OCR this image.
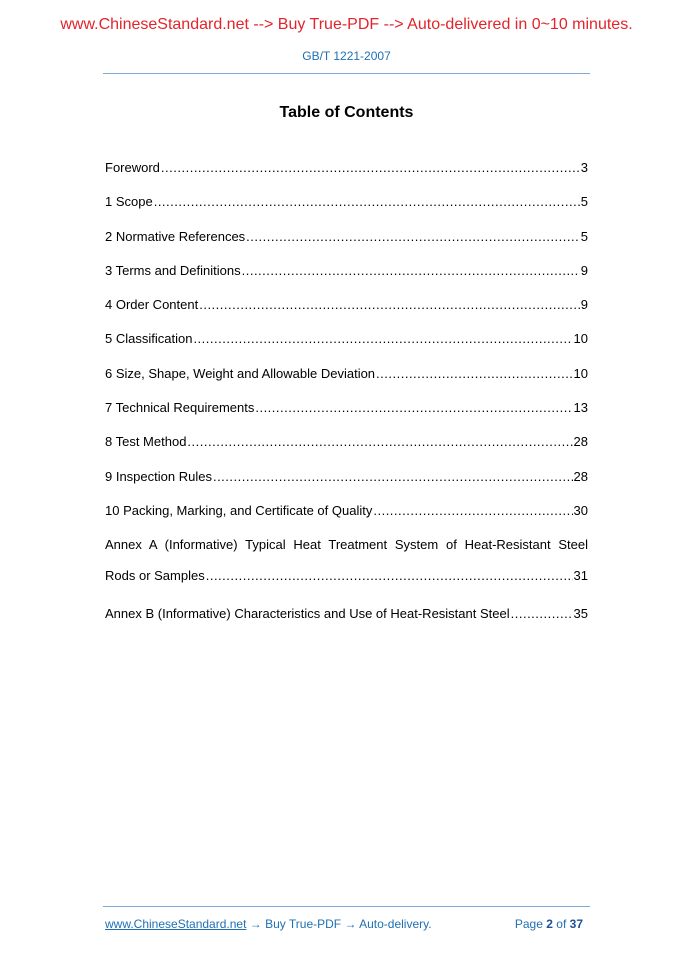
www.ChineseStandard.net --> Buy True-PDF --> Auto-delivered in 0~10 minutes.
GB/T 1221-2007
Table of Contents
Foreword .....	3
1 Scope .....	5
2 Normative References .....	5
3 Terms and Definitions .....	9
4 Order Content .....	9
5 Classification .....	10
6 Size, Shape, Weight and Allowable Deviation .....	10
7 Technical Requirements .....	13
8 Test Method .....	28
9 Inspection Rules .....	28
10 Packing, Marking, and Certificate of Quality .....	30
Annex A (Informative) Typical Heat Treatment System of Heat-Resistant Steel
Rods or Samples .....	31
Annex B (Informative) Characteristics and Use of Heat-Resistant Steel .....	35
www.ChineseStandard.net → Buy True-PDF → Auto-delivery.	Page 2 of 37
